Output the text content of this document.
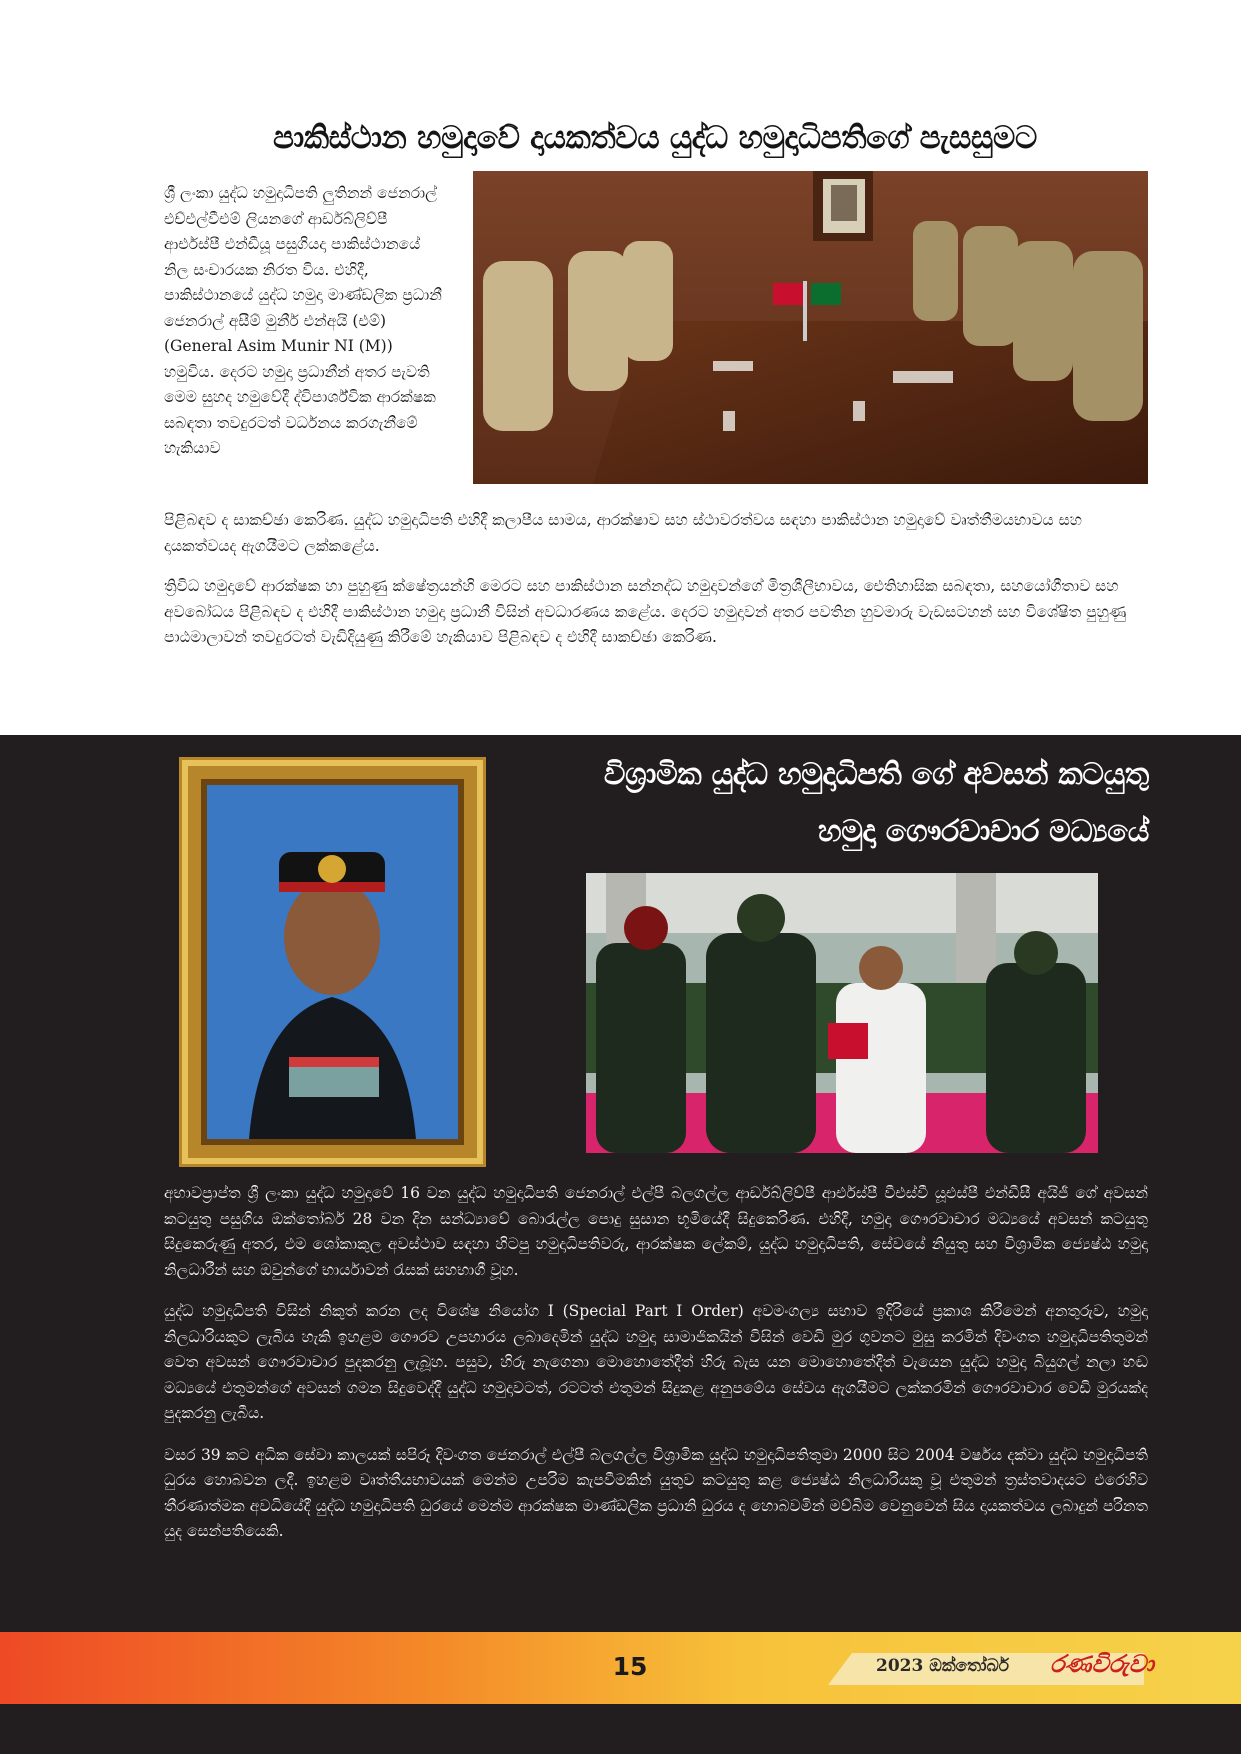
පාකිස්ථාන හමුදාවේ දායකත්වය යුද්ධ හමුදාධිපතිගේ පැසසුමට

ශ්‍රී ලංකා යුද්ධ හමුදාධිපති ලුතිනන් ජෙනරාල් එච්එල්වීඑම් ලියනගේ ආර්ඩබ්ලිව්පී ආර්එස්පී එන්ඩීයූ පසුගියදා පාකිස්ථානයේ නිල සංචාරයක නිරත විය. එහිදී, පාකිස්ථානයේ යුද්ධ හමුදා මාණ්ඩලික ප්‍රධානී ජෙනරාල් අසීම් මුනීර් එන්අයි (එම්) (General Asim Munir NI (M)) හමුවිය. දෙරට හමුදා ප්‍රධානීන් අතර පැවති මෙම සුහද හමුවේදී ද්විපාර්ශ්වික ආරක්ෂක සබඳතා තවදුරටත් වර්ධනය කරගැනීමේ හැකියාව

පිළිබඳව ද සාකච්ඡා කෙරිණ. යුද්ධ හමුදාධිපති එහිදී කලාපීය සාමය, ආරක්ෂාව සහ ස්ථාවරත්වය සඳහා පාකිස්ථාන හමුදාවේ වෘත්තීමයභාවය සහ දායකත්වයද ඇගයීමට ලක්කළේය.

ත්‍රිවිධ හමුදාවේ ආරක්ෂක හා පුහුණු ක්ෂේත්‍රයන්හි මෙරට සහ පාකිස්ථාන සන්නද්ධ හමුදාවන්ගේ මිත්‍රශීලීභාවය, ඓතිහාසික සබඳතා, සහයෝගීතාව සහ අවබෝධය පිළිබඳව ද එහිදී පාකිස්ථාන හමුදා ප්‍රධානී විසින් අවධාරණය කළේය. දෙරට හමුදාවන් අතර පවතින හුවමාරු වැඩසටහන් සහ විශේෂිත පුහුණු පාඨමාලාවන් තවදුරටත් වැඩිදියුණු කිරීමේ හැකියාව පිළිබඳව ද එහිදී සාකච්ඡා කෙරිණ.

විශ්‍රාමික යුද්ධ හමුදාධිපති ගේ අවසන් කටයුතු
හමුදා ගෞරවාචාර මධ්‍යයේ

අභාවප්‍රාප්ත ශ්‍රී ලංකා යුද්ධ හමුදාවේ 16 වන යුද්ධ හමුදාධිපති ජෙනරාල් එල්පී බලගල්ල ආර්ඩබ්ලිව්පී ආර්එස්පී වීඑස්වී යූඑස්පී එන්ඩීසී අයිජී ගේ අවසන් කටයුතු පසුගිය ඔක්තෝබර් 28 වන දින සන්ධ්‍යාවේ බොරැල්ල පොදු සුසාන භූමියේදී සිදුකෙරිණ. එහිදී, හමුදා ගෞරවාචාර මධ්‍යයේ අවසන් කටයුතු සිදුකෙරුණු අතර, එම ශෝකාකුල අවස්ථාව සඳහා හිටපු හමුදාධිපතිවරු, ආරක්ෂක ලේකම්, යුද්ධ හමුදාධිපති, සේවයේ නියුතු සහ විශ්‍රාමික ජ්‍යෙෂ්ඨ හමුදා නිලධාරීන් සහ ඔවුන්ගේ භාර්යාවන් රැසක් සහභාගී වූහ.

යුද්ධ හමුදාධිපති විසින් නිකුත් කරන ලද විශේෂ නියෝග I (Special Part I Order) අවමංගල්‍ය සභාව ඉදිරියේ ප්‍රකාශ කිරීමෙන් අනතුරුව, හමුදා නිලධාරියකුට ලැබිය හැකි ඉහළම ගෞරව උපහාරය ලබාදෙමින් යුද්ධ හමුදා සාමාජිකයින් විසින් වෙඩි මුර ගුවනට මුසු කරමින් දිවංගත හමුදාධිපතිතුමන් වෙත අවසන් ගෞරවාචාර පුදකරනු ලැබූහ. පසුව, හිරු නැගෙනා මොහොතේදීත් හිරු බැස යන මොහොතේදීත් වැයෙන යුද්ධ හමුදා බියුගල් නලා හඬ මධ්‍යයේ එතුමන්ගේ අවසන් ගමන සිදුවෙද්දී යුද්ධ හමුදාවටත්, රටටත් එතුමන් සිදුකළ අනුපමේය සේවය ඇගයීමට ලක්කරමින් ගෞරවාචාර වෙඩි මුරයක්ද පුදකරනු ලැබීය.

වසර 39 කට අධික සේවා කාලයක් සපිරූ දිවංගත ජෙනරාල් එල්පී බලගල්ල විශ්‍රාමික යුද්ධ හමුදාධිපතිතුමා 2000 සිට 2004 වර්ෂය දක්වා යුද්ධ හමුදාධිපති ධුරය හොබවන ලදී. ඉහළම වෘත්තීයභාවයක් මෙන්ම උපරිම කැපවීමකින් යුතුව කටයුතු කළ ජ්‍යෙෂ්ඨ නිලධාරියකු වූ එතුමන් ත්‍රස්තවාදයට එරෙහිව තීරණාත්මක අවධියේදී යුද්ධ හමුදාධිපති ධුරයේ මෙන්ම ආරක්ෂක මාණ්ඩලික ප්‍රධානි ධුරය ද හොබවමින් මව්බිම වෙනුවෙන් සිය දායකත්වය ලබාදුන් පරිනත යුද සෙන්පතියෙකි.

15	2023 ඔක්තෝබර් රණවිරුවා
